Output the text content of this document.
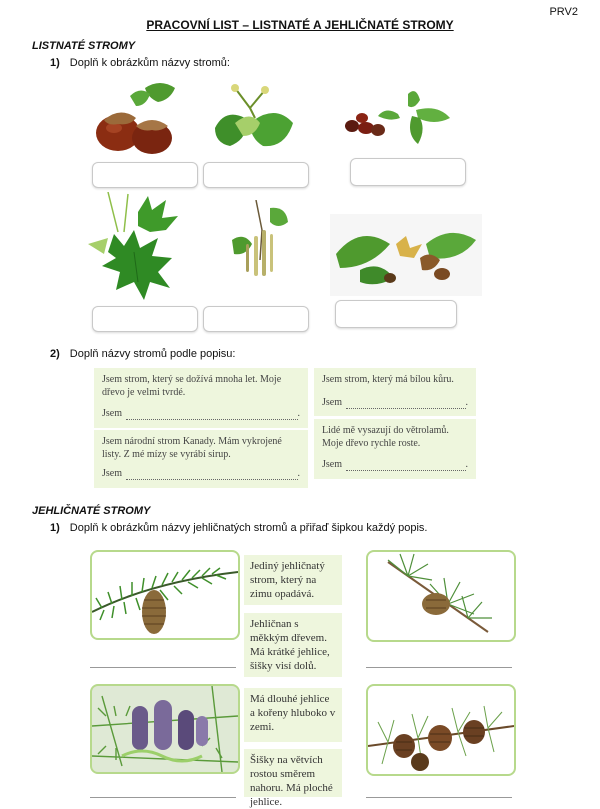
PRV2
PRACOVNÍ LIST – LISTNATÉ A JEHLIČNATÉ STROMY
LISTNATÉ STROMY
1) Doplň k obrázkům názvy stromů:
2) Doplň názvy stromů podle popisu:
Jsem strom, který se dožívá mnoha let. Moje dřevo je velmi tvrdé.
Jsem	.
Jsem národní strom Kanady. Mám vykrojené listy. Z mé mízy se vyrábí sirup.
Jsem	.
Jsem strom, který má bílou kůru.
Jsem	.
Lidé mě vysazují do větrolamů. Moje dřevo rychle roste.
Jsem	.
JEHLIČNATÉ STROMY
1) Doplň k obrázkům názvy jehličnatých stromů a přiřaď šipkou každý popis.
Jediný jehličnatý strom, který na zimu opadává.
Jehličnan s měkkým dřevem. Má krátké jehlice, šišky visí dolů.
Má dlouhé jehlice a kořeny hluboko v zemi.
Šišky na větvích rostou směrem nahoru. Má ploché jehlice.
